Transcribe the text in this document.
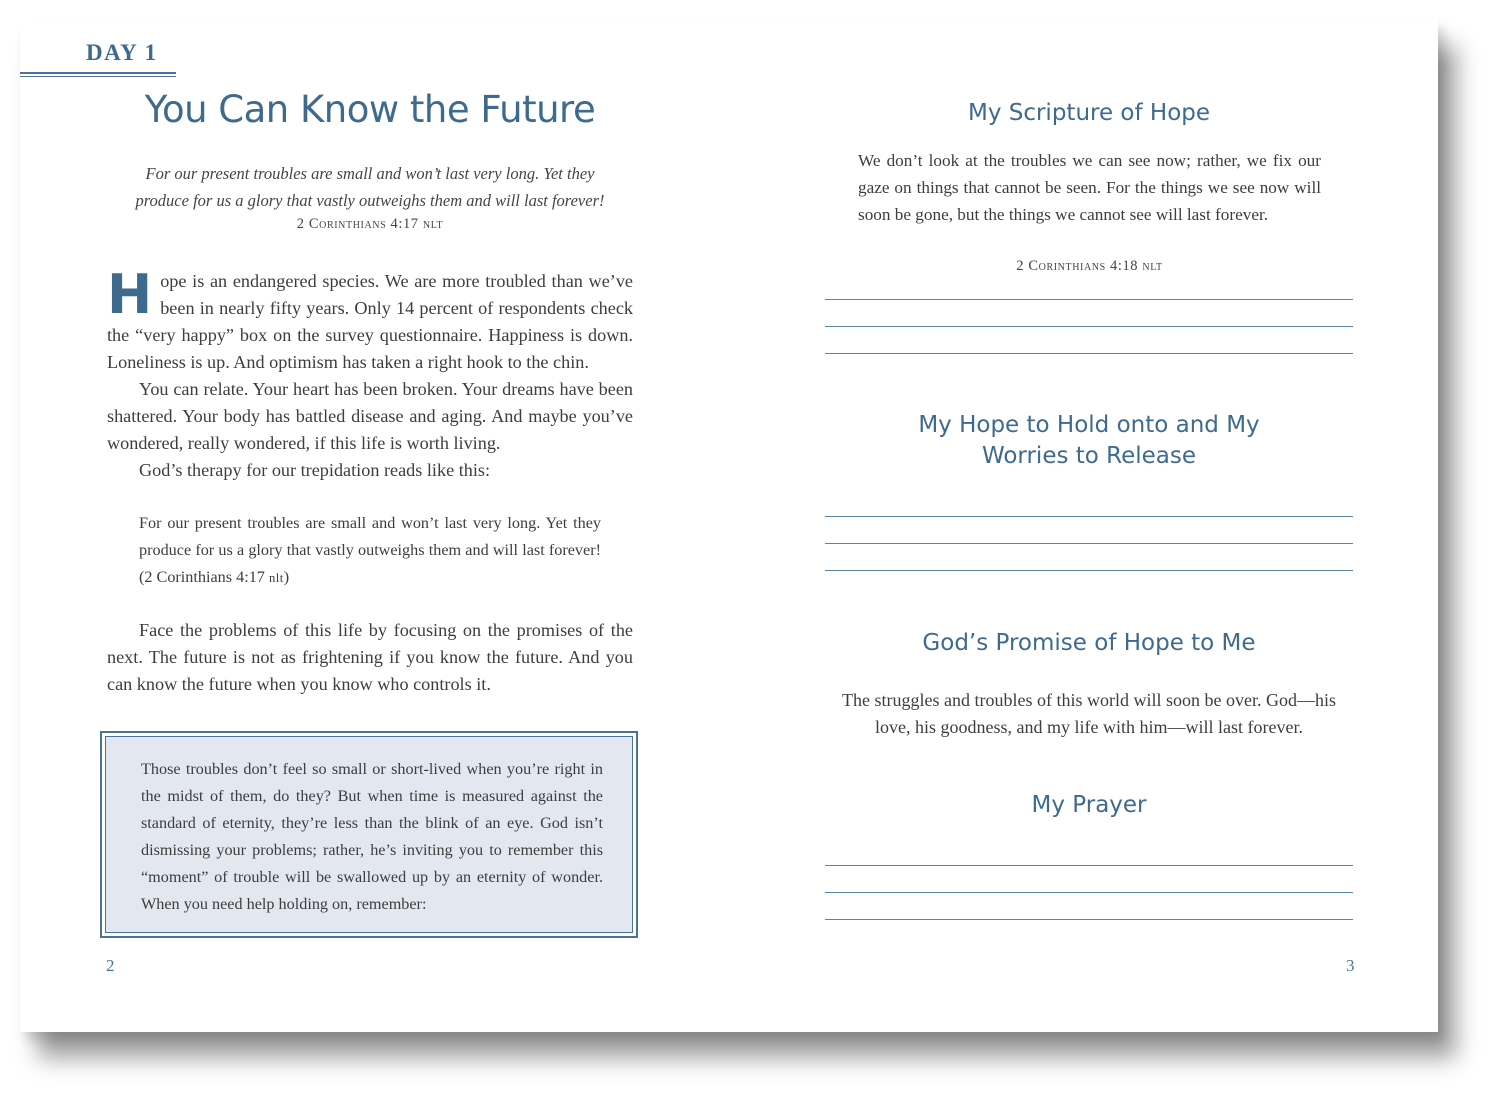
DAY 1
You Can Know the Future
For our present troubles are small and won’t last very long. Yet they
produce for us a glory that vastly outweighs them and will last forever!
2 Corinthians 4:17 nlt

Hope is an endangered species. We are more troubled than we’ve been in nearly fifty years. Only 14 percent of respondents check the “very happy” box on the survey questionnaire. Happiness is down. Loneliness is up. And optimism has taken a right hook to the chin.

You can relate. Your heart has been broken. Your dreams have been shattered. Your body has battled disease and aging. And maybe you’ve wondered, really wondered, if this life is worth living.

God’s therapy for our trepidation reads like this:

For our present troubles are small and won’t last very long. Yet they produce for us a glory that vastly outweighs them and will last forever! (2 Corinthians 4:17 nlt)

Face the problems of this life by focusing on the promises of the next. The future is not as frightening if you know the future. And you can know the future when you know who controls it.

Those troubles don’t feel so small or short-lived when you’re right in the midst of them, do they? But when time is measured against the standard of eternity, they’re less than the blink of an eye. God isn’t dismissing your problems; rather, he’s inviting you to remember this “moment” of trouble will be swallowed up by an eternity of wonder. When you need help holding on, remember:
2
My Scripture of Hope
We don’t look at the troubles we can see now; rather, we fix our gaze on things that cannot be seen. For the things we see now will soon be gone, but the things we cannot see will last forever.
2 Corinthians 4:18 nlt
My Hope to Hold onto and My
Worries to Release
God’s Promise of Hope to Me
The struggles and troubles of this world will soon be over. God—his love, his goodness, and my life with him—will last forever.
My Prayer
3
